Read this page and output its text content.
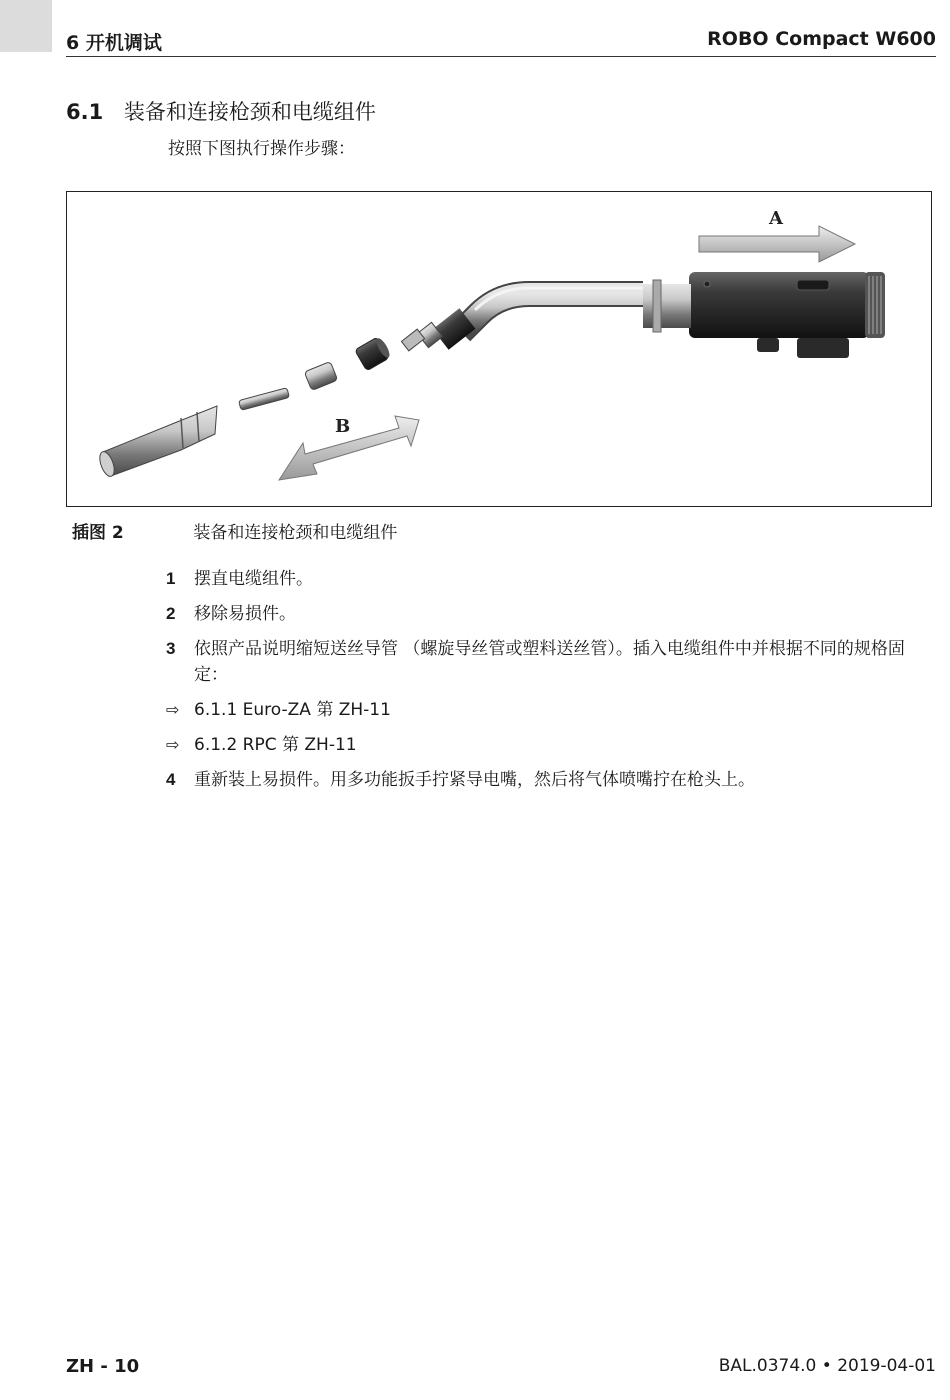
6 开机调试	ROBO Compact W600
6.1 装备和连接枪颈和电缆组件
按照下图执行操作步骤：
A
B
插图 2	装备和连接枪颈和电缆组件
1 摆直电缆组件。
2 移除易损件。
3 依照产品说明缩短送丝导管 （螺旋导丝管或塑料送丝管）。插入电缆组件中并根据不同的规格固定：
⇨ 6.1.1 Euro-ZA 第 ZH-11
⇨ 6.1.2 RPC 第 ZH-11
4 重新装上易损件。用多功能扳手拧紧导电嘴，然后将气体喷嘴拧在枪头上。
ZH - 10	BAL.0374.0 • 2019-04-01
